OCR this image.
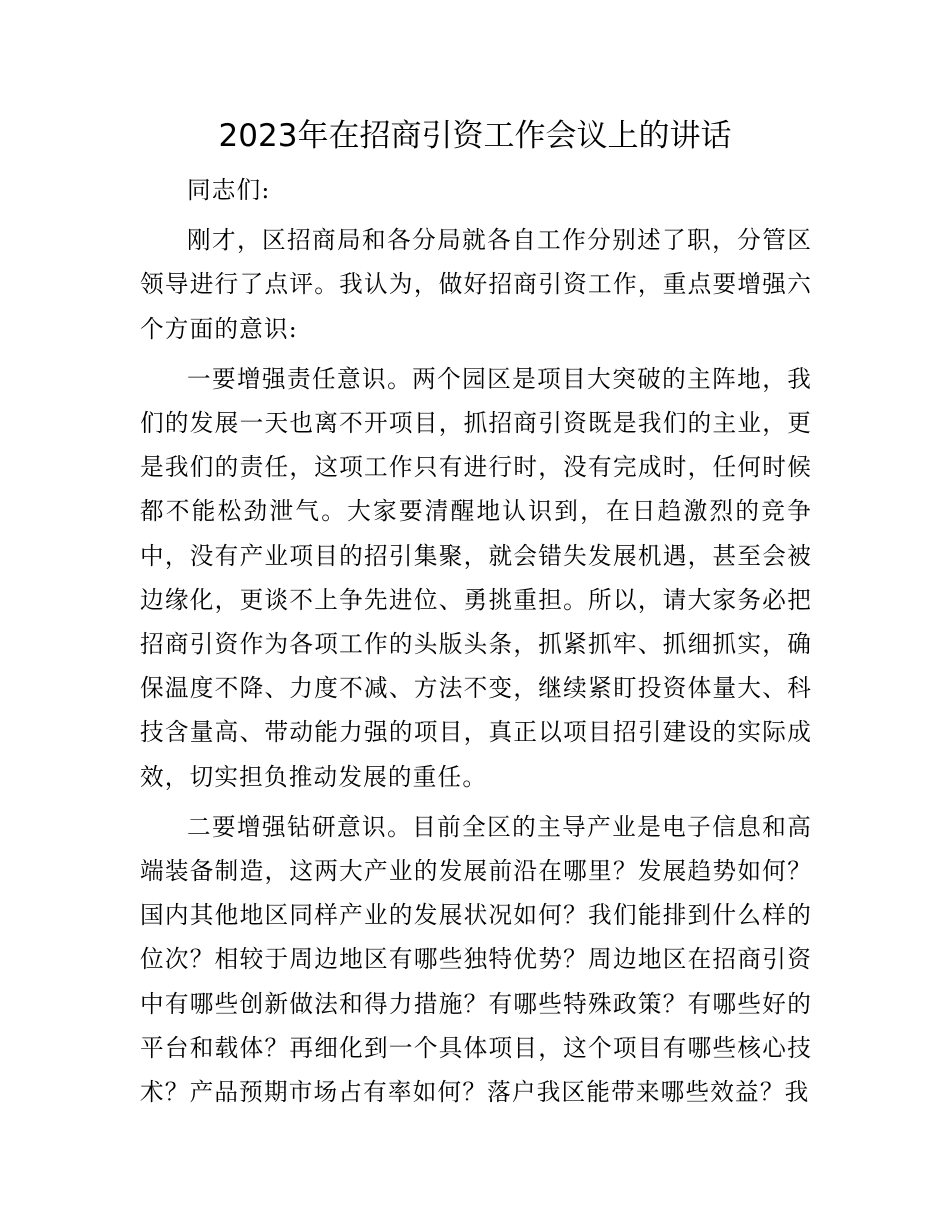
2023年在招商引资工作会议上的讲话

同志们:

刚才，区招商局和各分局就各自工作分别述了职，分管区领导进行了点评。我认为，做好招商引资工作，重点要增强六个方面的意识:

一要增强责任意识。两个园区是项目大突破的主阵地，我们的发展一天也离不开项目，抓招商引资既是我们的主业，更是我们的责任，这项工作只有进行时，没有完成时，任何时候都不能松劲泄气。大家要清醒地认识到，在日趋激烈的竞争中，没有产业项目的招引集聚，就会错失发展机遇，甚至会被边缘化，更谈不上争先进位、勇挑重担。所以，请大家务必把招商引资作为各项工作的头版头条，抓紧抓牢、抓细抓实，确保温度不降、力度不减、方法不变，继续紧盯投资体量大、科技含量高、带动能力强的项目，真正以项目招引建设的实际成效，切实担负推动发展的重任。

二要增强钻研意识。目前全区的主导产业是电子信息和高端装备制造，这两大产业的发展前沿在哪里？发展趋势如何？国内其他地区同样产业的发展状况如何？我们能排到什么样的位次？相较于周边地区有哪些独特优势？周边地区在招商引资中有哪些创新做法和得力措施？有哪些特殊政策？有哪些好的平台和载体？再细化到一个具体项目，这个项目有哪些核心技术？产品预期市场占有率如何？落户我区能带来哪些效益？我
